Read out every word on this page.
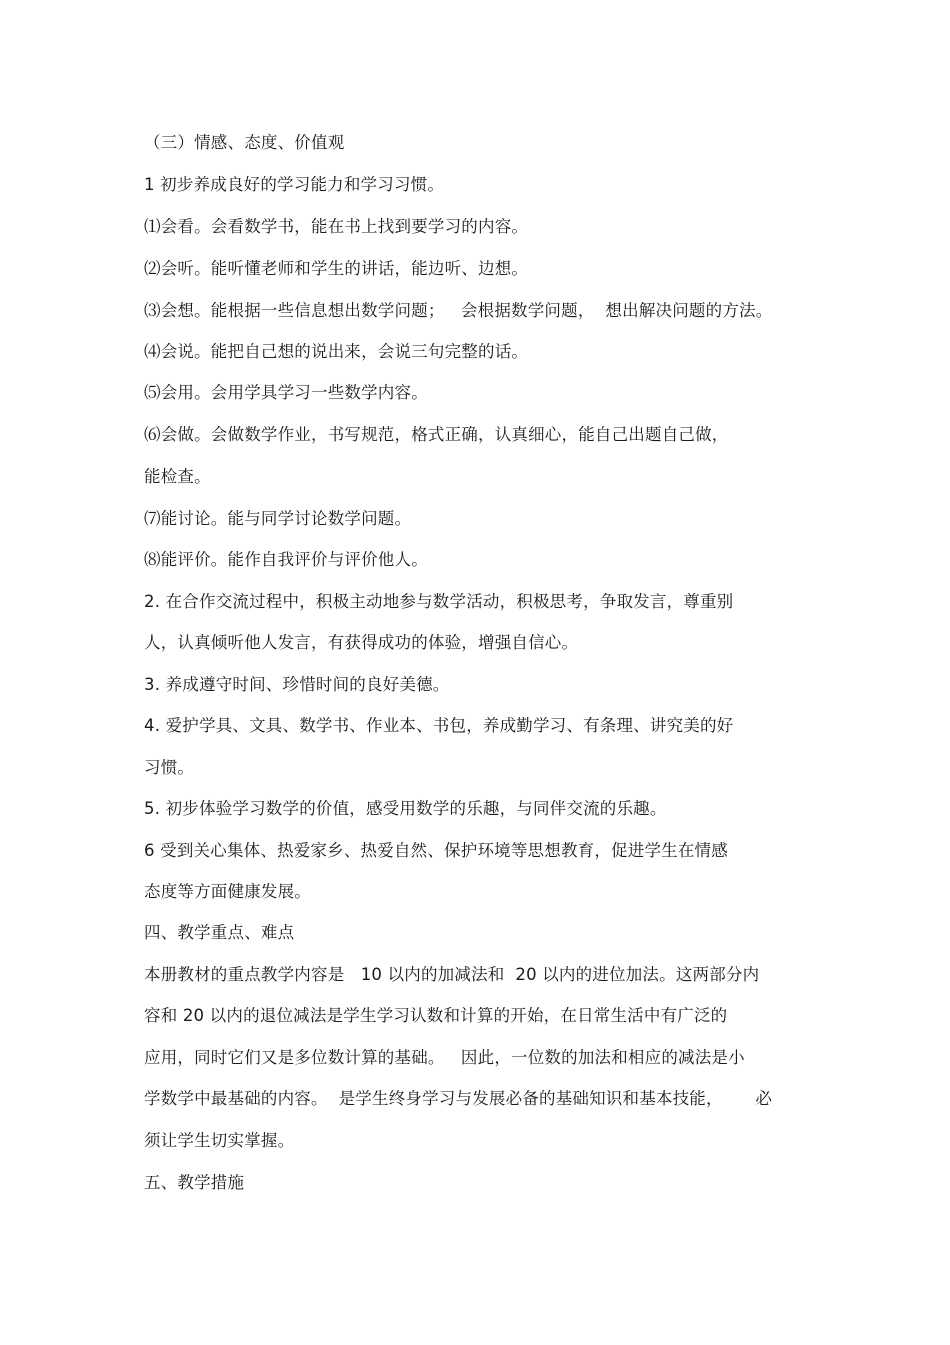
（三）情感、态度、价值观
1 初步养成良好的学习能力和学习习惯。
⑴会看。会看数学书，能在书上找到要学习的内容。
⑵会听。能听懂老师和学生的讲话，能边听、边想。
⑶会想。能根据一些信息想出数学问题；   会根据数学问题，  想出解决问题的方法。
⑷会说。能把自己想的说出来，会说三句完整的话。
⑸会用。会用学具学习一些数学内容。
⑹会做。会做数学作业，书写规范，格式正确，认真细心，能自己出题自己做，
能检查。
⑺能讨论。能与同学讨论数学问题。
⑻能评价。能作自我评价与评价他人。
2. 在合作交流过程中，积极主动地参与数学活动，积极思考，争取发言，尊重别
人，认真倾听他人发言，有获得成功的体验，增强自信心。
3. 养成遵守时间、珍惜时间的良好美德。
4. 爱护学具、文具、数学书、作业本、书包，养成勤学习、有条理、讲究美的好
习惯。
5. 初步体验学习数学的价值，感受用数学的乐趣，与同伴交流的乐趣。
6 受到关心集体、热爱家乡、热爱自然、保护环境等思想教育，促进学生在情感
态度等方面健康发展。
四、教学重点、难点
本册教材的重点教学内容是   10 以内的加减法和  20 以内的进位加法。这两部分内
容和 20 以内的退位减法是学生学习认数和计算的开始，在日常生活中有广泛的
应用，同时它们又是多位数计算的基础。   因此，一位数的加法和相应的减法是小
学数学中最基础的内容。  是学生终身学习与发展必备的基础知识和基本技能，      必
须让学生切实掌握。
五、教学措施
